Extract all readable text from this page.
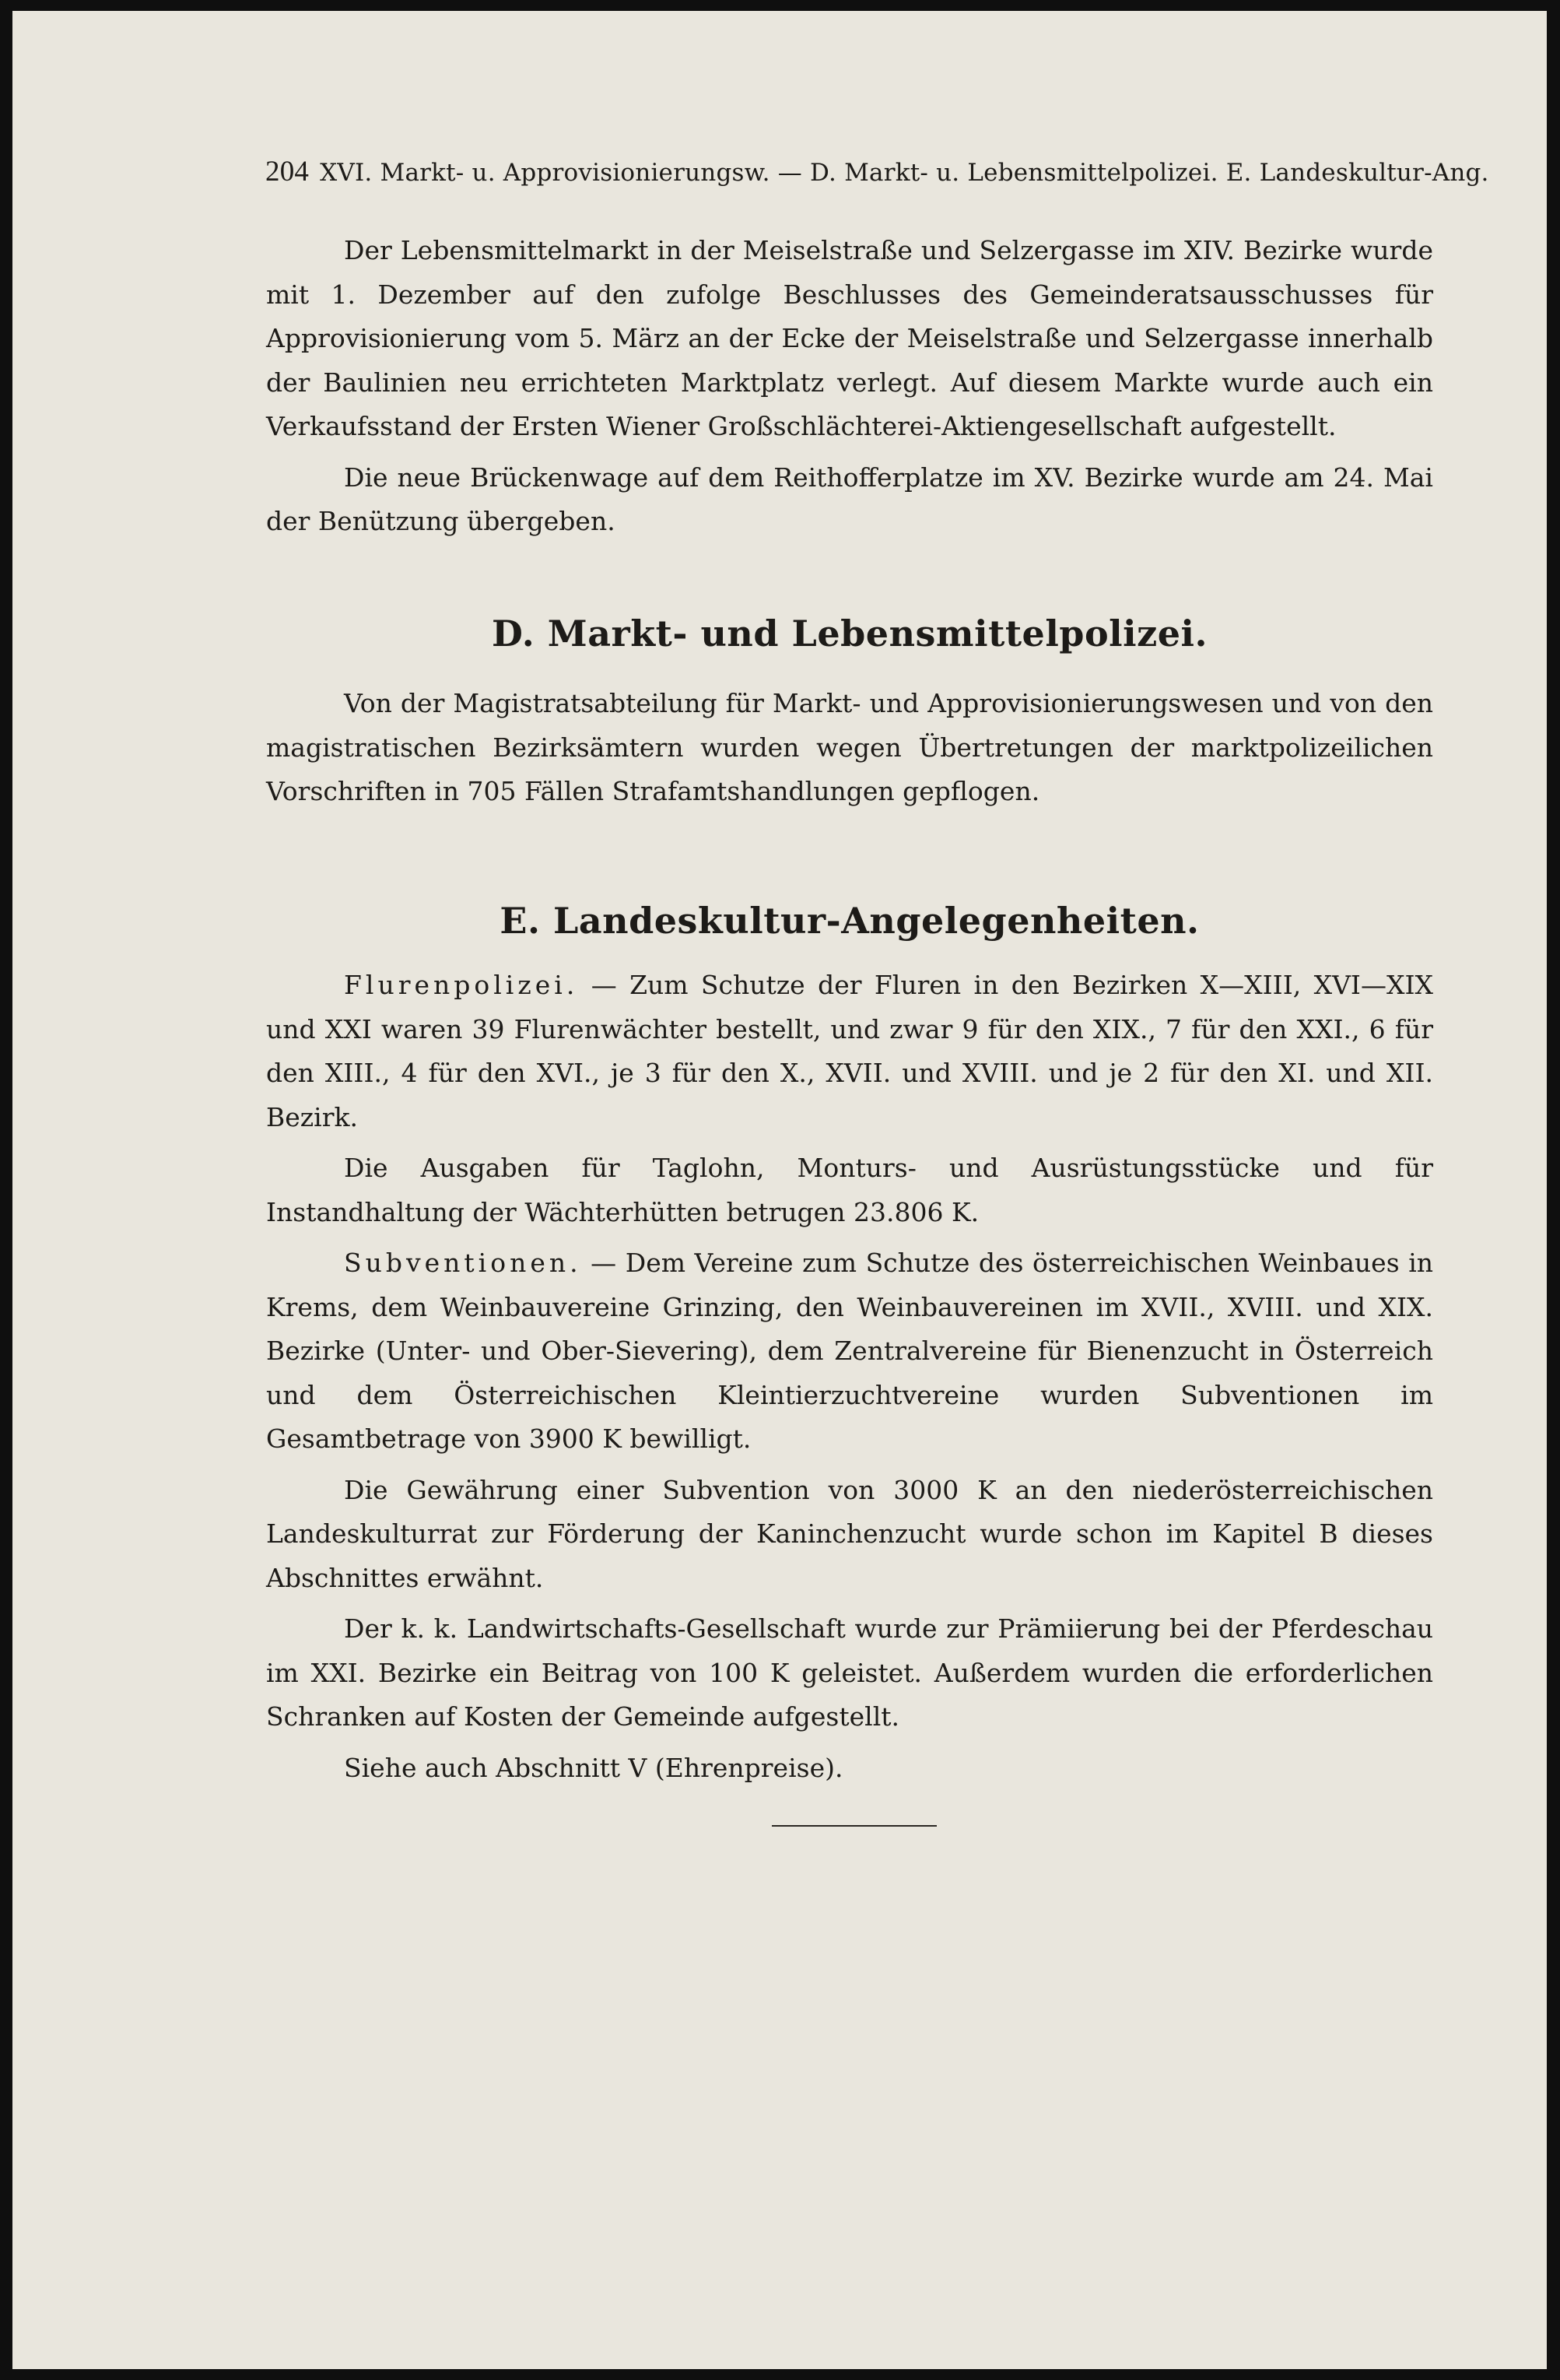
204 XVI. Markt- u. Approvisionierungsw. — D. Markt- u. Lebensmittelpolizei. E. Landeskultur-Ang.

Der Lebensmittelmarkt in der Meiselstraße und Selzergasse im XIV. Bezirke wurde mit 1. Dezember auf den zufolge Beschlusses des Gemeinderatsausschusses für Approvisionierung vom 5. März an der Ecke der Meiselstraße und Selzergasse innerhalb der Baulinien neu errichteten Marktplatz verlegt. Auf diesem Markte wurde auch ein Verkaufsstand der Ersten Wiener Großschlächterei-Aktiengesellschaft aufgestellt.

Die neue Brückenwage auf dem Reithofferplatze im XV. Bezirke wurde am 24. Mai der Benützung übergeben.

D. Markt- und Lebensmittelpolizei.

Von der Magistratsabteilung für Markt- und Approvisionierungswesen und von den magistratischen Bezirksämtern wurden wegen Übertretungen der marktpolizeilichen Vorschriften in 705 Fällen Strafamtshandlungen gepflogen.

E. Landeskultur-Angelegenheiten.

Flurenpolizei. — Zum Schutze der Fluren in den Bezirken X—XIII, XVI—XIX und XXI waren 39 Flurenwächter bestellt, und zwar 9 für den XIX., 7 für den XXI., 6 für den XIII., 4 für den XVI., je 3 für den X., XVII. und XVIII. und je 2 für den XI. und XII. Bezirk.

Die Ausgaben für Taglohn, Monturs- und Ausrüstungsstücke und für Instandhaltung der Wächterhütten betrugen 23.806 K.

Subventionen. — Dem Vereine zum Schutze des österreichischen Weinbaues in Krems, dem Weinbauvereine Grinzing, den Weinbauvereinen im XVII., XVIII. und XIX. Bezirke (Unter- und Ober-Sievering), dem Zentralvereine für Bienenzucht in Österreich und dem Österreichischen Kleintierzuchtvereine wurden Subventionen im Gesamtbetrage von 3900 K bewilligt.

Die Gewährung einer Subvention von 3000 K an den niederösterreichischen Landeskulturrat zur Förderung der Kaninchenzucht wurde schon im Kapitel B dieses Abschnittes erwähnt.

Der k. k. Landwirtschafts-Gesellschaft wurde zur Prämiierung bei der Pferdeschau im XXI. Bezirke ein Beitrag von 100 K geleistet. Außerdem wurden die erforderlichen Schranken auf Kosten der Gemeinde aufgestellt.

Siehe auch Abschnitt V (Ehrenpreise).
